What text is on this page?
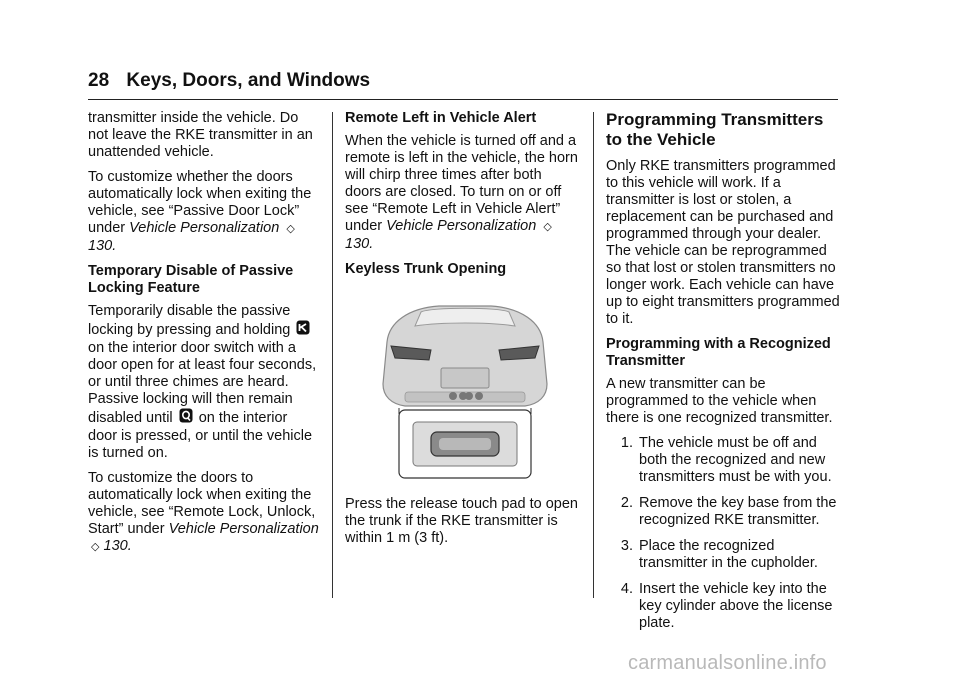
28 Keys, Doors, and Windows

transmitter inside the vehicle. Do not leave the RKE transmitter in an unattended vehicle.

To customize whether the doors automatically lock when exiting the vehicle, see “Passive Door Lock” under Vehicle Personalization ◇ 130.

Temporary Disable of Passive Locking Feature

Temporarily disable the passive locking by pressing and holding  on the interior door switch with a door open for at least four seconds, or until three chimes are heard. Passive locking will then remain disabled until on the interior door is pressed, or until the vehicle is turned on.

To customize the doors to automatically lock when exiting the vehicle, see “Remote Lock, Unlock, Start” under Vehicle Personalization ◇ 130.

Remote Left in Vehicle Alert

When the vehicle is turned off and a remote is left in the vehicle, the horn will chirp three times after both doors are closed. To turn on or off see “Remote Left in Vehicle Alert” under Vehicle Personalization ◇ 130.

Keyless Trunk Opening

Press the release touch pad to open the trunk if the RKE transmitter is within 1 m (3 ft).

Programming Transmitters to the Vehicle

Only RKE transmitters programmed to this vehicle will work. If a transmitter is lost or stolen, a replacement can be purchased and programmed through your dealer. The vehicle can be reprogrammed so that lost or stolen transmitters no longer work. Each vehicle can have up to eight transmitters programmed to it.

Programming with a Recognized Transmitter

A new transmitter can be programmed to the vehicle when there is one recognized transmitter.

1. The vehicle must be off and both the recognized and new transmitters must be with you.
2. Remove the key base from the recognized RKE transmitter.
3. Place the recognized transmitter in the cupholder.
4. Insert the vehicle key into the key cylinder above the license plate.
carmanualsonline.info
